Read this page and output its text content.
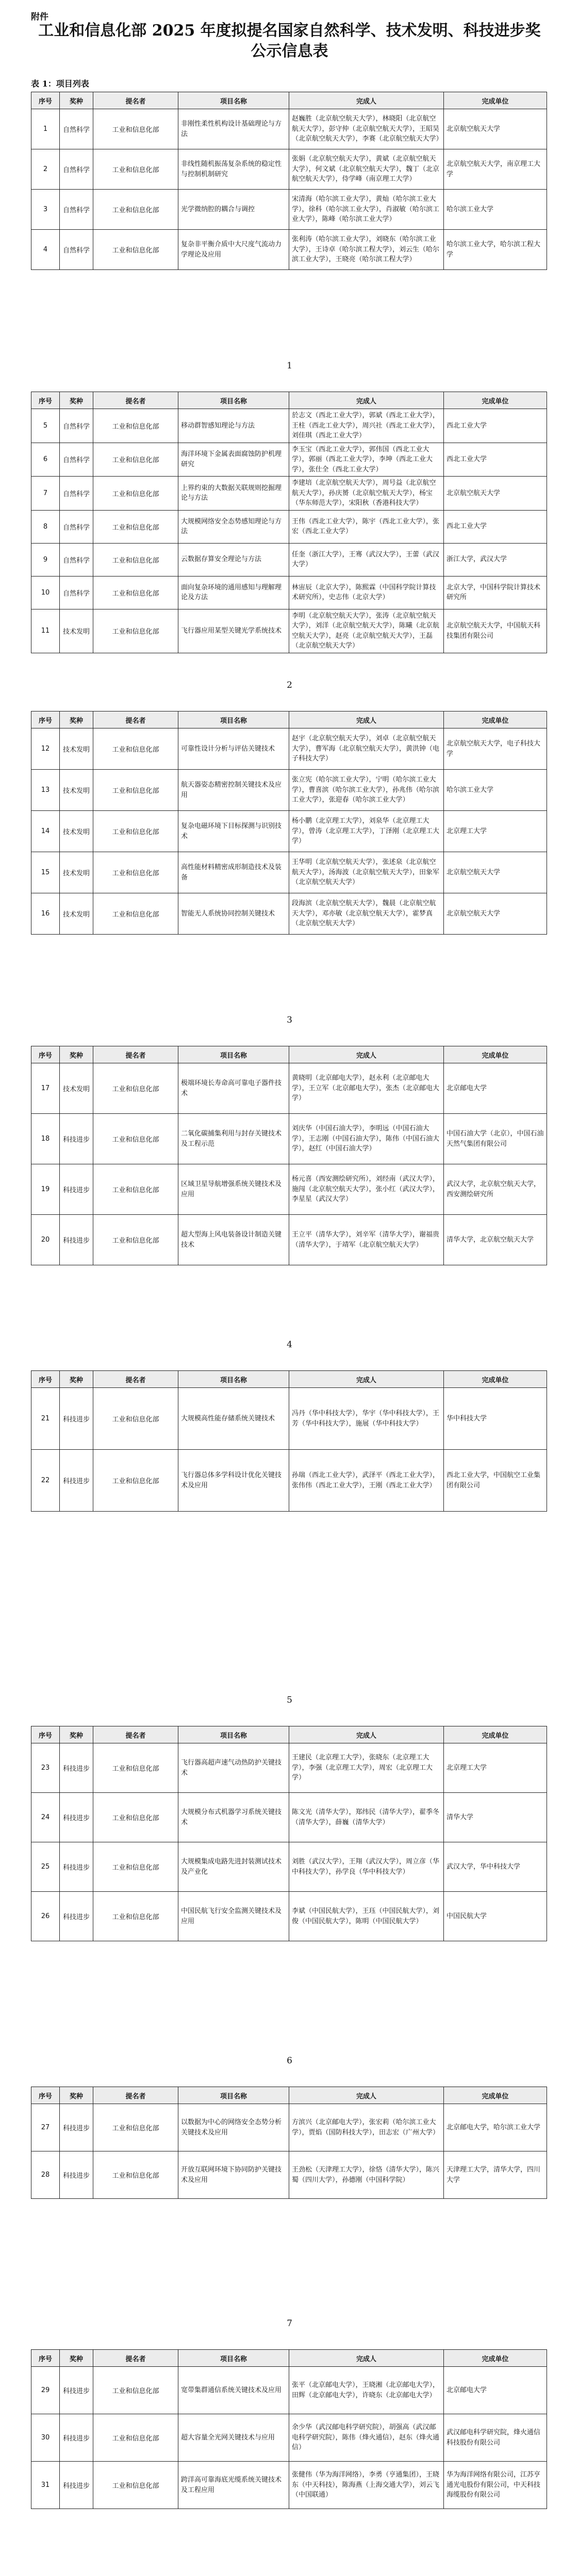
附件
工业和信息化部 2025 年度拟提名国家自然科学、技术发明、科技进步奖
公示信息表
表 1：项目列表
序号	奖种	提名者	项目名称	完成人	完成单位
1	自然科学	工业和信息化部	非刚性柔性机构设计基础理论与方法	赵巍胜（北京航空航天大学），林晓阳（北京航空航天大学），彭守仲（北京航空航天大学），王昭昊（北京航空航天大学），李赛（北京航空航天大学）	北京航空航天大学
2	自然科学	工业和信息化部	非线性随机振荡复杂系统的稳定性与控制机制研究	张娟（北京航空航天大学），黄斌（北京航空航天大学），何文斌（北京航空航天大学），魏丁（北京航空航天大学），侍学峰（南京理工大学）	北京航空航天大学，南京理工大学
3	自然科学	工业和信息化部	光学微纳腔的耦合与调控	宋清海（哈尔滨工业大学），黄灿（哈尔滨工业大学），徐科（哈尔滨工业大学），肖淑敏（哈尔滨工业大学），陈峰（哈尔滨工业大学）	哈尔滨工业大学
4	自然科学	工业和信息化部	复杂非平衡介质中大尺度气流动力学理论及应用	张利涛（哈尔滨工业大学），刘晓东（哈尔滨工业大学），王诗卓（哈尔滨工程大学），刘云生（哈尔滨工业大学），王晓亮（哈尔滨工程大学）	哈尔滨工业大学，哈尔滨工程大学
1
序号	奖种	提名者	项目名称	完成人	完成单位
5	自然科学	工业和信息化部	移动群智感知理论与方法	於志文（西北工业大学），郭斌（西北工业大学），王柱（西北工业大学），周兴社（西北工业大学），刘佳琪（西北工业大学）	西北工业大学
6	自然科学	工业和信息化部	海洋环境下金属表面腐蚀防护机理研究	李玉宝（西北工业大学），郭伟国（西北工业大学），郭丽（西北工业大学），李坤（西北工业大学），张仕全（西北工业大学）	西北工业大学
7	自然科学	工业和信息化部	上界约束的大数据关联规则挖掘理论与方法	李建培（北京航空航天大学），周号益（北京航空航天大学），孙庆赟（北京航空航天大学），杨宝（华东师范大学），宋阳秋（香港科技大学）	北京航空航天大学
8	自然科学	工业和信息化部	大规模网络安全态势感知理论与方法	王伟（西北工业大学），陈宇（西北工业大学），张宏（西北工业大学）	西北工业大学
9	自然科学	工业和信息化部	云数据存算安全理论与方法	任奎（浙江大学），王骞（武汉大学），王蕾（武汉大学）	浙江大学，武汉大学
10	自然科学	工业和信息化部	面向复杂环境的通用感知与理解理论及方法	林宙辰（北京大学），陈熙霖（中国科学院计算技术研究所），史志伟（北京大学）	北京大学，中国科学院计算技术研究所
11	技术发明	工业和信息化部	飞行器应用某型关键光学系统技术	李明（北京航空航天大学），张涛（北京航空航天大学），刘洋（北京航空航天大学），陈曦（北京航空航天大学），赵亮（北京航空航天大学），王磊（北京航空航天大学）	北京航空航天大学，中国航天科技集团有限公司
2
序号	奖种	提名者	项目名称	完成人	完成单位
12	技术发明	工业和信息化部	可靠性设计分析与评估关键技术	赵宇（北京航空航天大学），刘卓（北京航空航天大学），曹军海（北京航空航天大学），黄洪钟（电子科技大学）	北京航空航天大学，电子科技大学
13	技术发明	工业和信息化部	航天器姿态精密控制关键技术及应用	张立宪（哈尔滨工业大学），宁明（哈尔滨工业大学），曹喜滨（哈尔滨工业大学），孙兆伟（哈尔滨工业大学），张迎春（哈尔滨工业大学）	哈尔滨工业大学
14	技术发明	工业和信息化部	复杂电磁环境下目标探测与识别技术	杨小鹏（北京理工大学），刘泉华（北京理工大学），曾涛（北京理工大学），丁泽刚（北京理工大学）	北京理工大学
15	技术发明	工业和信息化部	高性能材料精密成形制造技术及装备	王华明（北京航空航天大学），张述泉（北京航空航天大学），汤海波（北京航空航天大学），田象军（北京航空航天大学）	北京航空航天大学
16	技术发明	工业和信息化部	智能无人系统协同控制关键技术	段海滨（北京航空航天大学），魏晨（北京航空航天大学），邓亦敏（北京航空航天大学），霍梦真（北京航空航天大学）	北京航空航天大学
3
序号	奖种	提名者	项目名称	完成人	完成单位
17	技术发明	工业和信息化部	极端环境长寿命高可靠电子器件技术	黄晓明（北京邮电大学），赵永利（北京邮电大学），王立军（北京邮电大学），张杰（北京邮电大学）	北京邮电大学
18	科技进步	工业和信息化部	二氧化碳捕集利用与封存关键技术及工程示范	刘庆华（中国石油大学），李明远（中国石油大学），王志刚（中国石油大学），陈伟（中国石油大学），赵红（中国石油大学）	中国石油大学（北京），中国石油天然气集团有限公司
19	科技进步	工业和信息化部	区域卫星导航增强系统关键技术及应用	杨元喜（西安测绘研究所），刘经南（武汉大学），施闯（北京航空航天大学），张小红（武汉大学），李星星（武汉大学）	武汉大学，北京航空航天大学，西安测绘研究所
20	科技进步	工业和信息化部	超大型海上风电装备设计制造关键技术	王立平（清华大学），刘辛军（清华大学），谢福贵（清华大学），于靖军（北京航空航天大学）	清华大学，北京航空航天大学
4
序号	奖种	提名者	项目名称	完成人	完成单位
21	科技进步	工业和信息化部	大规模高性能存储系统关键技术	冯丹（华中科技大学），华宇（华中科技大学），王芳（华中科技大学），施展（华中科技大学）	华中科技大学
22	科技进步	工业和信息化部	飞行器总体多学科设计优化关键技术及应用	孙瑞（西北工业大学），武泽平（西北工业大学），张伟伟（西北工业大学），王刚（西北工业大学）	西北工业大学，中国航空工业集团有限公司
5
序号	奖种	提名者	项目名称	完成人	完成单位
23	科技进步	工业和信息化部	飞行器高超声速气动热防护关键技术	王建民（北京理工大学），张晓东（北京理工大学），李强（北京理工大学），周宏（北京理工大学）	北京理工大学
24	科技进步	工业和信息化部	大规模分布式机器学习系统关键技术	陈文光（清华大学），郑纬民（清华大学），翟季冬（清华大学），薛巍（清华大学）	清华大学
25	科技进步	工业和信息化部	大规模集成电路先进封装测试技术及产业化	刘胜（武汉大学），王翔（武汉大学），周立彦（华中科技大学），孙学良（华中科技大学）	武汉大学，华中科技大学
26	科技进步	工业和信息化部	中国民航飞行安全监测关键技术及应用	李斌（中国民航大学），王珏（中国民航大学），刘俊（中国民航大学），陈明（中国民航大学）	中国民航大学
6
序号	奖种	提名者	项目名称	完成人	完成单位
27	科技进步	工业和信息化部	以数据为中心的网络安全态势分析关键技术及应用	方滨兴（北京邮电大学），张宏莉（哈尔滨工业大学），贾焰（国防科技大学），田志宏（广州大学）	北京邮电大学，哈尔滨工业大学
28	科技进步	工业和信息化部	开放互联网环境下协同防护关键技术及应用	王劲松（天津理工大学），徐恪（清华大学），陈兴蜀（四川大学），孙德刚（中国科学院）	天津理工大学，清华大学，四川大学
7
序号	奖种	提名者	项目名称	完成人	完成单位
29	科技进步	工业和信息化部	宽带集群通信系统关键技术及应用	张平（北京邮电大学），王晓湘（北京邮电大学），田辉（北京邮电大学），许晓东（北京邮电大学）	北京邮电大学
30	科技进步	工业和信息化部	超大容量全光网关键技术与应用	余少华（武汉邮电科学研究院），胡强高（武汉邮电科学研究院），陈伟（烽火通信），赵东（烽火通信）	武汉邮电科学研究院，烽火通信科技股份有限公司
31	科技进步	工业和信息化部	跨洋高可靠海底光缆系统关键技术及工程应用	张健伟（华为海洋网络），李勇（亨通集团），王晓东（中天科技），陈海燕（上海交通大学），刘云飞（中国联通）	华为海洋网络有限公司，江苏亨通光电股份有限公司，中天科技海缆股份有限公司
